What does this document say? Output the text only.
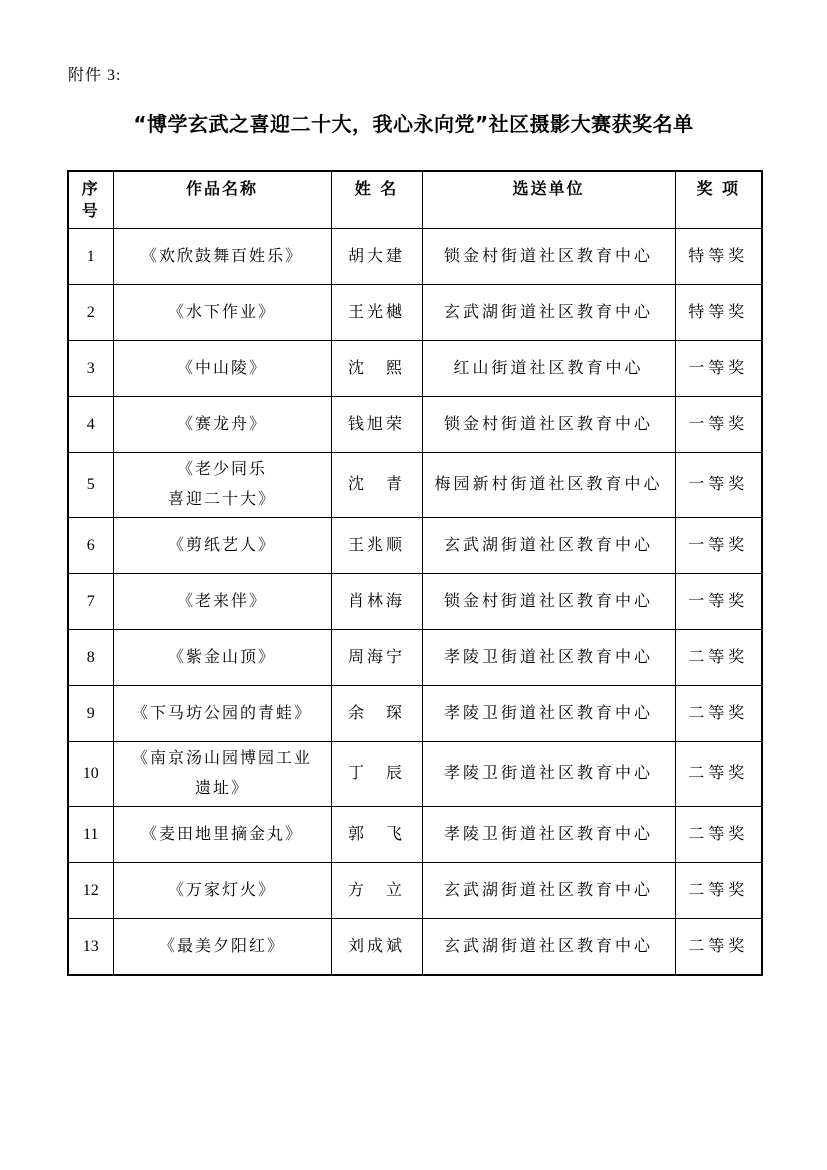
附件 3:
“博学玄武之喜迎二十大，我心永向党”社区摄影大赛获奖名单
序
号	作品名称	姓 名	选送单位	奖 项

1	《欢欣鼓舞百姓乐》	胡大建	锁金村街道社区教育中心	特等奖
2	《水下作业》	王光樾	玄武湖街道社区教育中心	特等奖
3	《中山陵》	沈　熙	红山街道社区教育中心	一等奖
4	《赛龙舟》	钱旭荣	锁金村街道社区教育中心	一等奖
5	《老少同乐
喜迎二十大》	沈　青	梅园新村街道社区教育中心	一等奖
6	《剪纸艺人》	王兆顺	玄武湖街道社区教育中心	一等奖
7	《老来伴》	肖林海	锁金村街道社区教育中心	一等奖
8	《紫金山顶》	周海宁	孝陵卫街道社区教育中心	二等奖
9	《下马坊公园的青蛙》	余　琛	孝陵卫街道社区教育中心	二等奖
10	《南京汤山园博园工业
遗址》	丁　辰	孝陵卫街道社区教育中心	二等奖
11	《麦田地里摘金丸》	郭　飞	孝陵卫街道社区教育中心	二等奖
12	《万家灯火》	方　立	玄武湖街道社区教育中心	二等奖
13	《最美夕阳红》	刘成斌	玄武湖街道社区教育中心	二等奖
